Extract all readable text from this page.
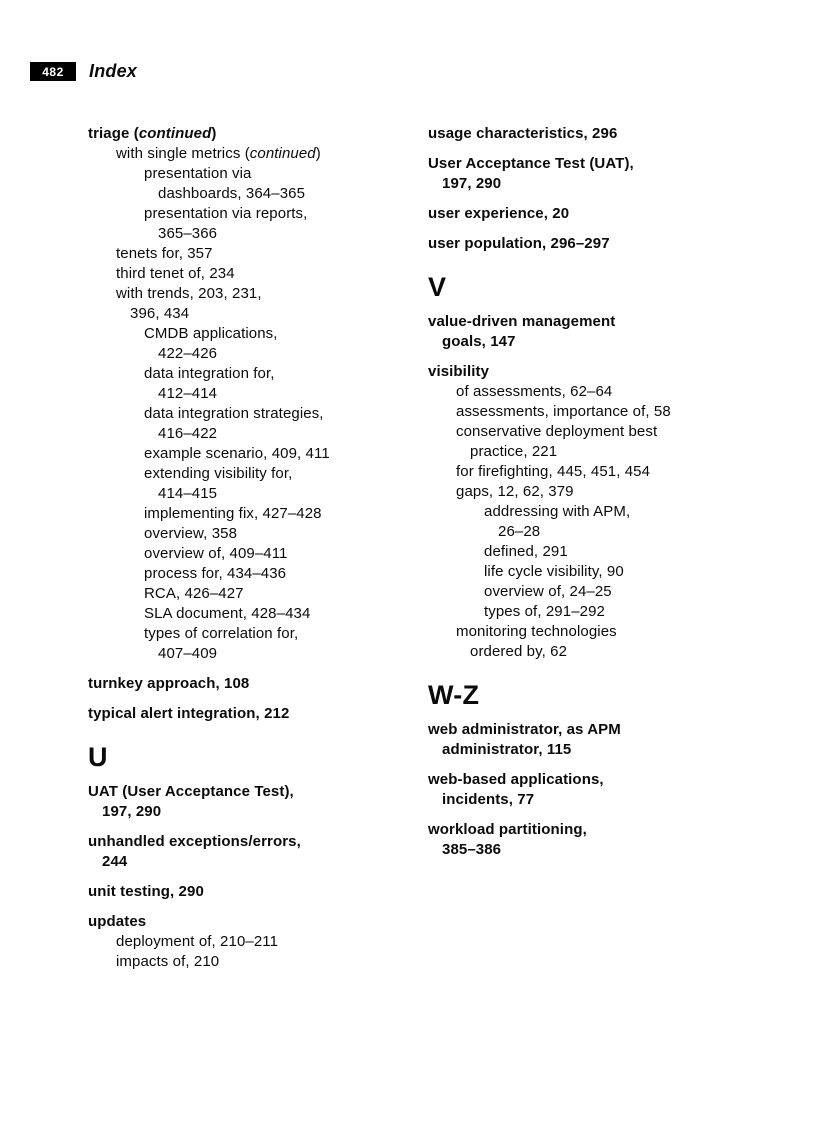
482 Index
triage (continued)
with single metrics (continued)
presentation via
dashboards, 364–365
presentation via reports,
365–366
tenets for, 357
third tenet of, 234
with trends, 203, 231,
396, 434
CMDB applications,
422–426
data integration for,
412–414
data integration strategies,
416–422
example scenario, 409, 411
extending visibility for,
414–415
implementing fix, 427–428
overview, 358
overview of, 409–411
process for, 434–436
RCA, 426–427
SLA document, 428–434
types of correlation for,
407–409
turnkey approach, 108
typical alert integration, 212
U
UAT (User Acceptance Test),
197, 290
unhandled exceptions/errors,
244
unit testing, 290
updates
deployment of, 210–211
impacts of, 210
usage characteristics, 296
User Acceptance Test (UAT),
197, 290
user experience, 20
user population, 296–297
V
value-driven management
goals, 147
visibility
of assessments, 62–64
assessments, importance of, 58
conservative deployment best
practice, 221
for firefighting, 445, 451, 454
gaps, 12, 62, 379
addressing with APM,
26–28
defined, 291
life cycle visibility, 90
overview of, 24–25
types of, 291–292
monitoring technologies
ordered by, 62
W-Z
web administrator, as APM
administrator, 115
web-based applications,
incidents, 77
workload partitioning,
385–386
